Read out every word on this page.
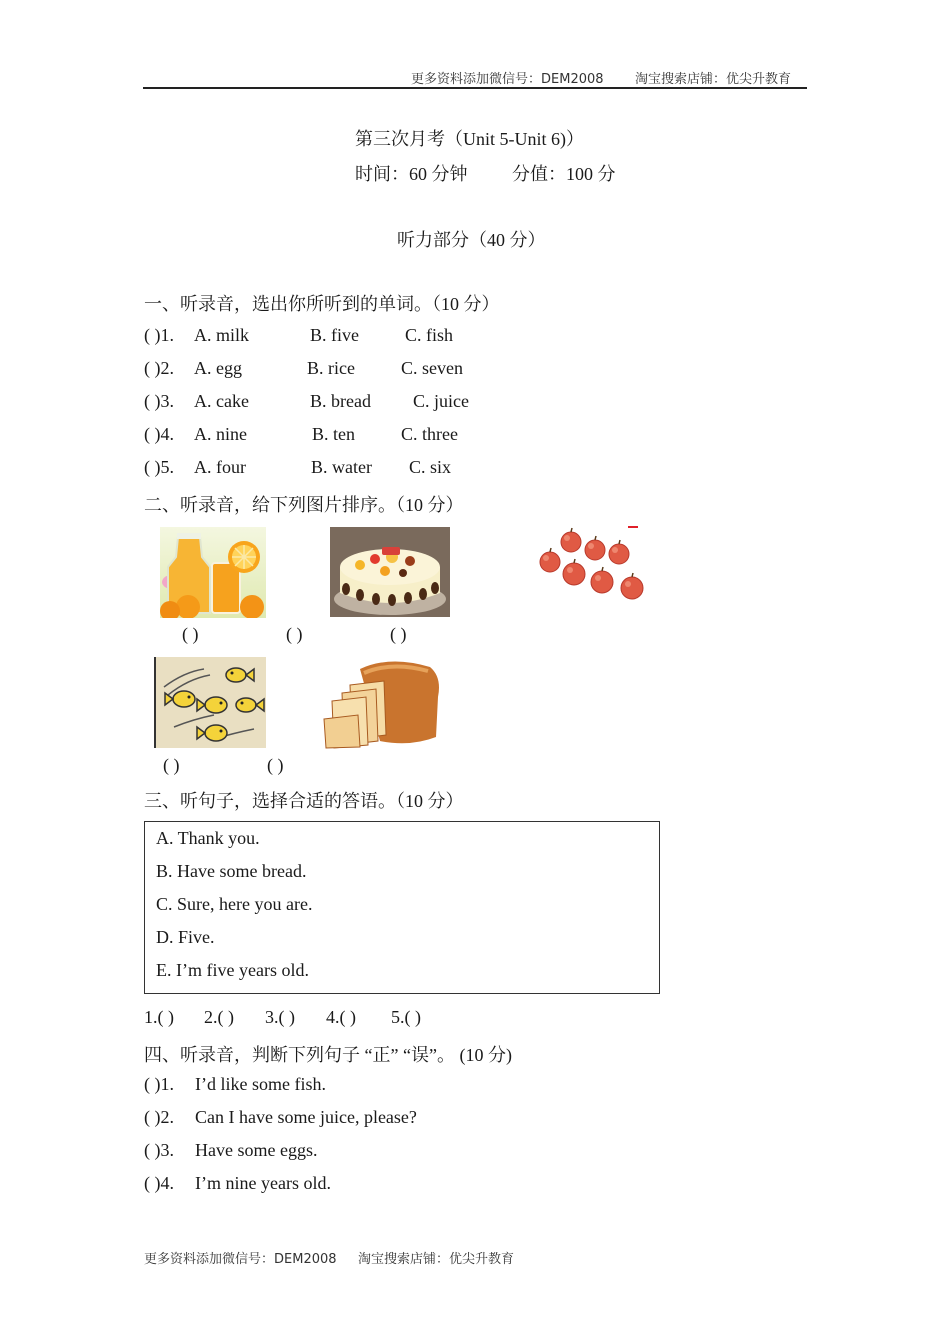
更多资料添加微信号：DEM2008 淘宝搜索店铺：优尖升教育
第三次月考（Unit 5-Unit 6)）
时间：60 分钟 分值：100 分
听力部分（40 分）
一、听录音，选出你所听到的单词。（10 分）
( )1. A. milk	B. five	C. fish
( )2. A. egg	B. rice	C. seven
( )3. A. cake	B. bread C. juice
( )4. A. nine	B. ten	C. three
( )5. A. four	B. water C. six
二、听录音，给下列图片排序。（10 分）
( )	( )	( )
( )	( )
三、听句子，选择合适的答语。（10 分）
A. Thank you.
B. Have some bread.
C. Sure, here you are.
D. Five.
E. I’m five years old.
1.( ) 2.( ) 3.( ) 4.( ) 5.( )
四、听录音，判断下列句子 “正” “误”。 (10 分)
( )1. I’d like some fish.
( )2. Can I have some juice, please?
( )3. Have some eggs.
( )4. I’m nine years old.
更多资料添加微信号：DEM2008 淘宝搜索店铺：优尖升教育
